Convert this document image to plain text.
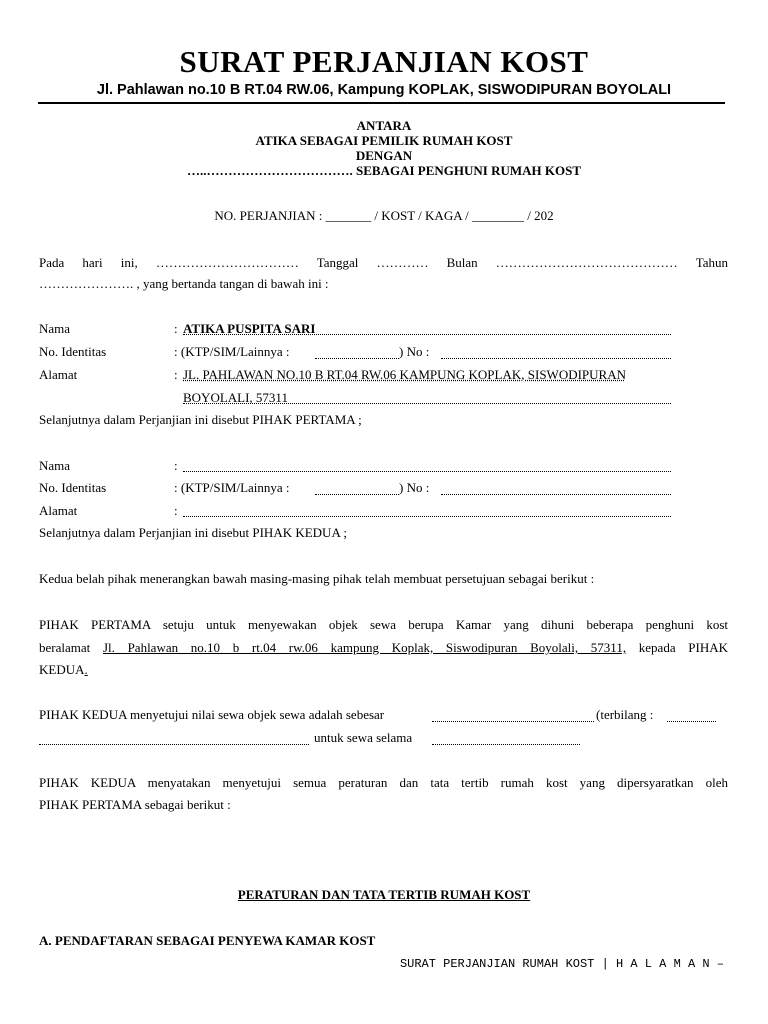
SURAT PERJANJIAN KOST
Jl. Pahlawan no.10 B RT.04 RW.06, Kampung KOPLAK, SISWODIPURAN BOYOLALI
ANTARA
ATIKA SEBAGAI PEMILIK RUMAH KOST
DENGAN
…..……………………………. SEBAGAI PENGHUNI RUMAH KOST
NO. PERJANJIAN : _______ / KOST / KAGA / ________ / 202
Pada hari ini, …………………………… Tanggal ………… Bulan …………………………………… Tahun
…………………. , yang bertanda tangan di bawah ini :
Nama	: ATIKA PUSPITA SARI
No. Identitas	: (KTP/SIM/Lainnya :	) No :
Alamat	: JL. PAHLAWAN NO.10 B RT.04 RW.06 KAMPUNG KOPLAK, SISWODIPURAN
BOYOLALI, 57311
Selanjutnya dalam Perjanjian ini disebut PIHAK PERTAMA ;
Nama	:
No. Identitas	: (KTP/SIM/Lainnya :	) No :
Alamat	:
Selanjutnya dalam Perjanjian ini disebut PIHAK KEDUA ;
Kedua belah pihak menerangkan bawah masing-masing pihak telah membuat persetujuan sebagai berikut :
PIHAK PERTAMA setuju untuk menyewakan objek sewa berupa Kamar yang dihuni beberapa penghuni kost
beralamat Jl. Pahlawan no.10 b rt.04 rw.06 kampung Koplak, Siswodipuran Boyolali, 57311, kepada PIHAK
KEDUA.
PIHAK KEDUA menyetujui nilai sewa objek sewa adalah sebesar	(terbilang :
untuk sewa selama
PIHAK KEDUA menyatakan menyetujui semua peraturan dan tata tertib rumah kost yang dipersyaratkan oleh
PIHAK PERTAMA sebagai berikut :
PERATURAN DAN TATA TERTIB RUMAH KOST
A. PENDAFTARAN SEBAGAI PENYEWA KAMAR KOST
SURAT PERJANJIAN RUMAH KOST | H A L A M A N –
